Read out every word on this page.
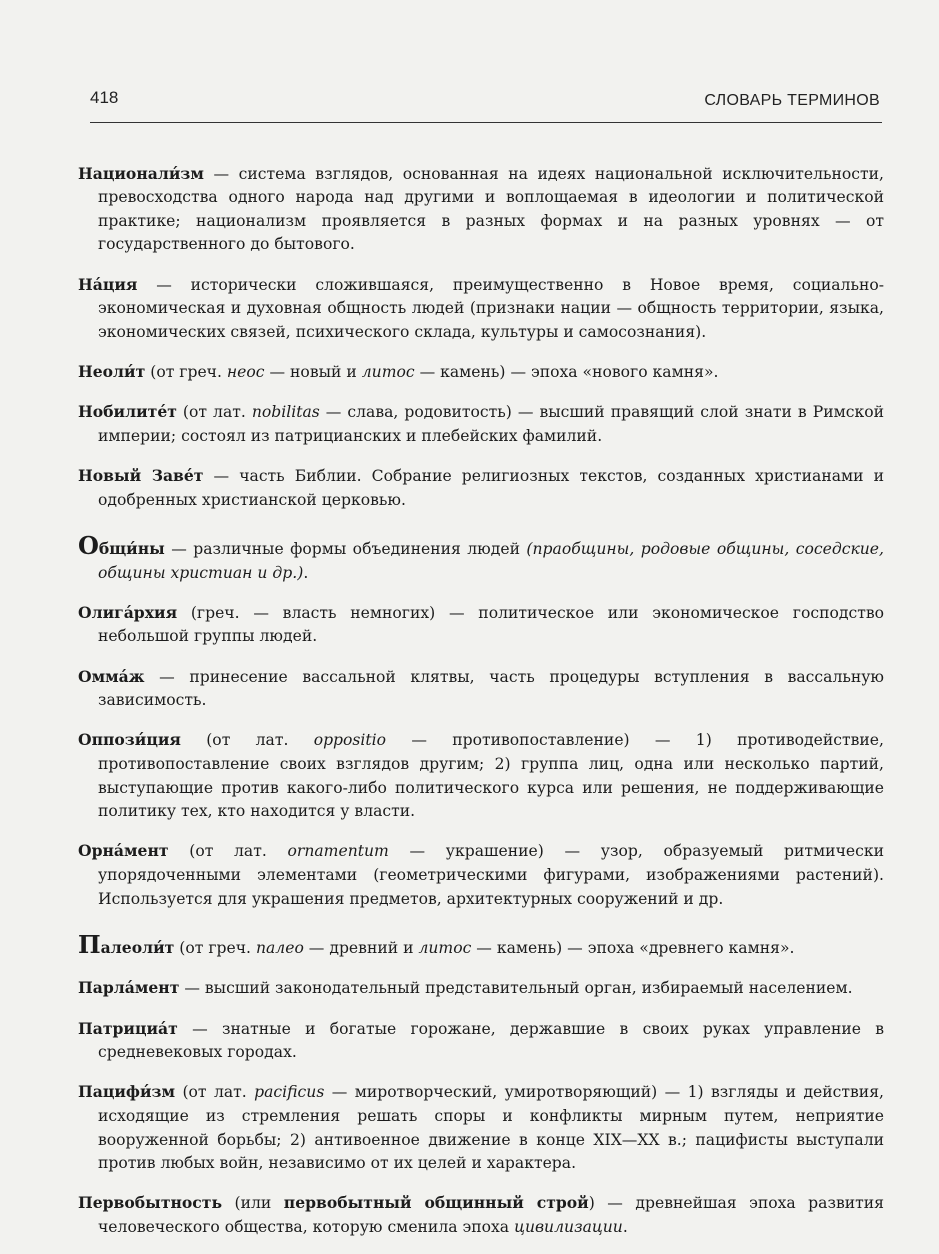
418	СЛОВАРЬ ТЕРМИНОВ

Национали́зм — система взглядов, основанная на идеях национальной исключительности, превосходства одного народа над другими и воплощаемая в идеологии и политической практике; национализм проявляется в разных формах и на разных уровнях — от государственного до бытового.

На́ция — исторически сложившаяся, преимущественно в Новое время, социально-экономическая и духовная общность людей (признаки нации — общность территории, языка, экономических связей, психического склада, культуры и самосознания).

Неоли́т (от греч. неос — новый и литос — камень) — эпоха «нового камня».

Нобилите́т (от лат. nobilitas — слава, родовитость) — высший правящий слой знати в Римской империи; состоял из патрицианских и плебейских фамилий.

Новый Заве́т — часть Библии. Собрание религиозных текстов, созданных христианами и одобренных христианской церковью.

Общи́ны — различные формы объединения людей (праобщины, родовые общины, соседские, общины христиан и др.).

Олига́рхия (греч. — власть немногих) — политическое или экономическое господство небольшой группы людей.

Омма́ж — принесение вассальной клятвы, часть процедуры вступления в вассальную зависимость.

Оппози́ция (от лат. oppositio — противопоставление) — 1) противодействие, противопоставление своих взглядов другим; 2) группа лиц, одна или несколько партий, выступающие против какого-либо политического курса или решения, не поддерживающие политику тех, кто находится у власти.

Орна́мент (от лат. ornamentum — украшение) — узор, образуемый ритмически упорядоченными элементами (геометрическими фигурами, изображениями растений). Используется для украшения предметов, архитектурных сооружений и др.

Палеоли́т (от греч. палео — древний и литос — камень) — эпоха «древнего камня».

Парла́мент — высший законодательный представительный орган, избираемый населением.

Патрициа́т — знатные и богатые горожане, державшие в своих руках управление в средневековых городах.

Пацифи́зм (от лат. pacificus — миротворческий, умиротворяющий) — 1) взгляды и действия, исходящие из стремления решать споры и конфликты мирным путем, неприятие вооруженной борьбы; 2) антивоенное движение в конце XIX—XX в.; пацифисты выступали против любых войн, независимо от их целей и характера.

Первобытность (или первобытный общинный строй) — древнейшая эпоха развития человеческого общества, которую сменила эпоха цивилизации.
